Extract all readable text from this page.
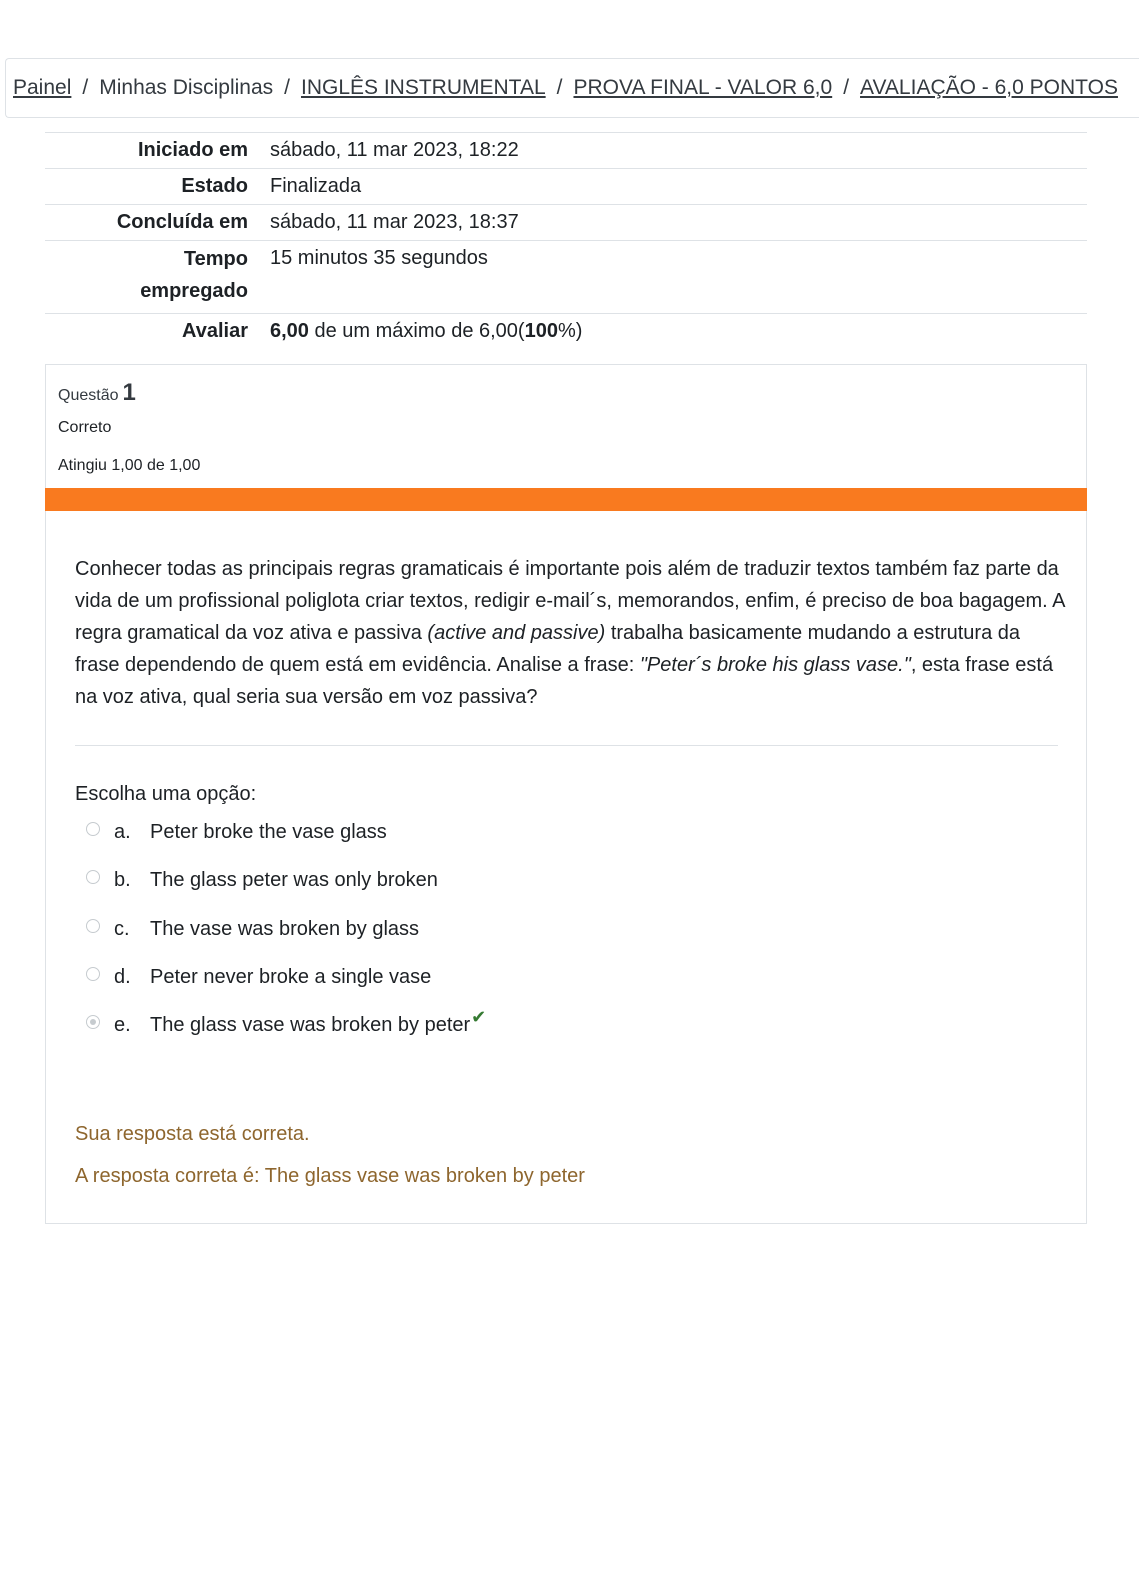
Painel / Minhas Disciplinas / INGLÊS INSTRUMENTAL / PROVA FINAL - VALOR 6,0 / AVALIAÇÃO - 6,0 PONTOS
Iniciado em	sábado, 11 mar 2023, 18:22
Estado	Finalizada
Concluída em	sábado, 11 mar 2023, 18:37
Tempo
empregado	15 minutos 35 segundos
Avaliar	6,00 de um máximo de 6,00(100%)
Questão 1
Correto
Atingiu 1,00 de 1,00
Conhecer todas as principais regras gramaticais é importante pois além de traduzir textos também faz parte da vida de um profissional poliglota criar textos, redigir e-mail´s, memorandos, enfim, é preciso de boa bagagem. A regra gramatical da voz ativa e passiva (active and passive) trabalha basicamente mudando a estrutura da frase dependendo de quem está em evidência. Analise a frase: "Peter´s broke his glass vase.", esta frase está na voz ativa, qual seria sua versão em voz passiva?
Escolha uma opção:
a. Peter broke the vase glass
b. The glass peter was only broken
c.	The vase was broken by glass
d. Peter never broke a single vase
e. The glass vase was broken by peter ✔
Sua resposta está correta.
A resposta correta é: The glass vase was broken by peter
